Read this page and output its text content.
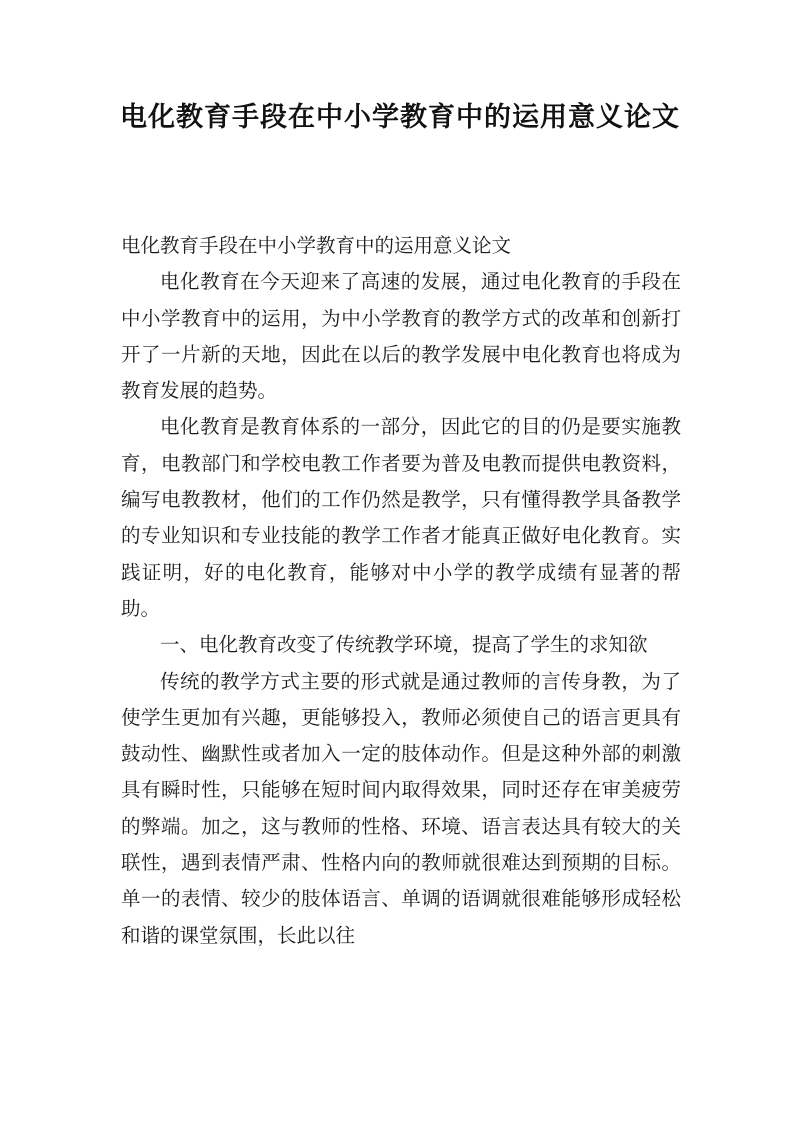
电化教育手段在中小学教育中的运用意义论文

电化教育手段在中小学教育中的运用意义论文

电化教育在今天迎来了高速的发展，通过电化教育的手段在中小学教育中的运用，为中小学教育的教学方式的改革和创新打开了一片新的天地，因此在以后的教学发展中电化教育也将成为教育发展的趋势。

电化教育是教育体系的一部分，因此它的目的仍是要实施教育，电教部门和学校电教工作者要为普及电教而提供电教资料，编写电教教材，他们的工作仍然是教学，只有懂得教学具备教学的专业知识和专业技能的教学工作者才能真正做好电化教育。实践证明，好的电化教育，能够对中小学的教学成绩有显著的帮助。

一、电化教育改变了传统教学环境，提高了学生的求知欲

传统的教学方式主要的形式就是通过教师的言传身教，为了使学生更加有兴趣，更能够投入，教师必须使自己的语言更具有鼓动性、幽默性或者加入一定的肢体动作。但是这种外部的刺激具有瞬时性，只能够在短时间内取得效果，同时还存在审美疲劳的弊端。加之，这与教师的性格、环境、语言表达具有较大的关联性，遇到表情严肃、性格内向的教师就很难达到预期的目标。单一的表情、较少的肢体语言、单调的语调就很难能够形成轻松和谐的课堂氛围，长此以往
